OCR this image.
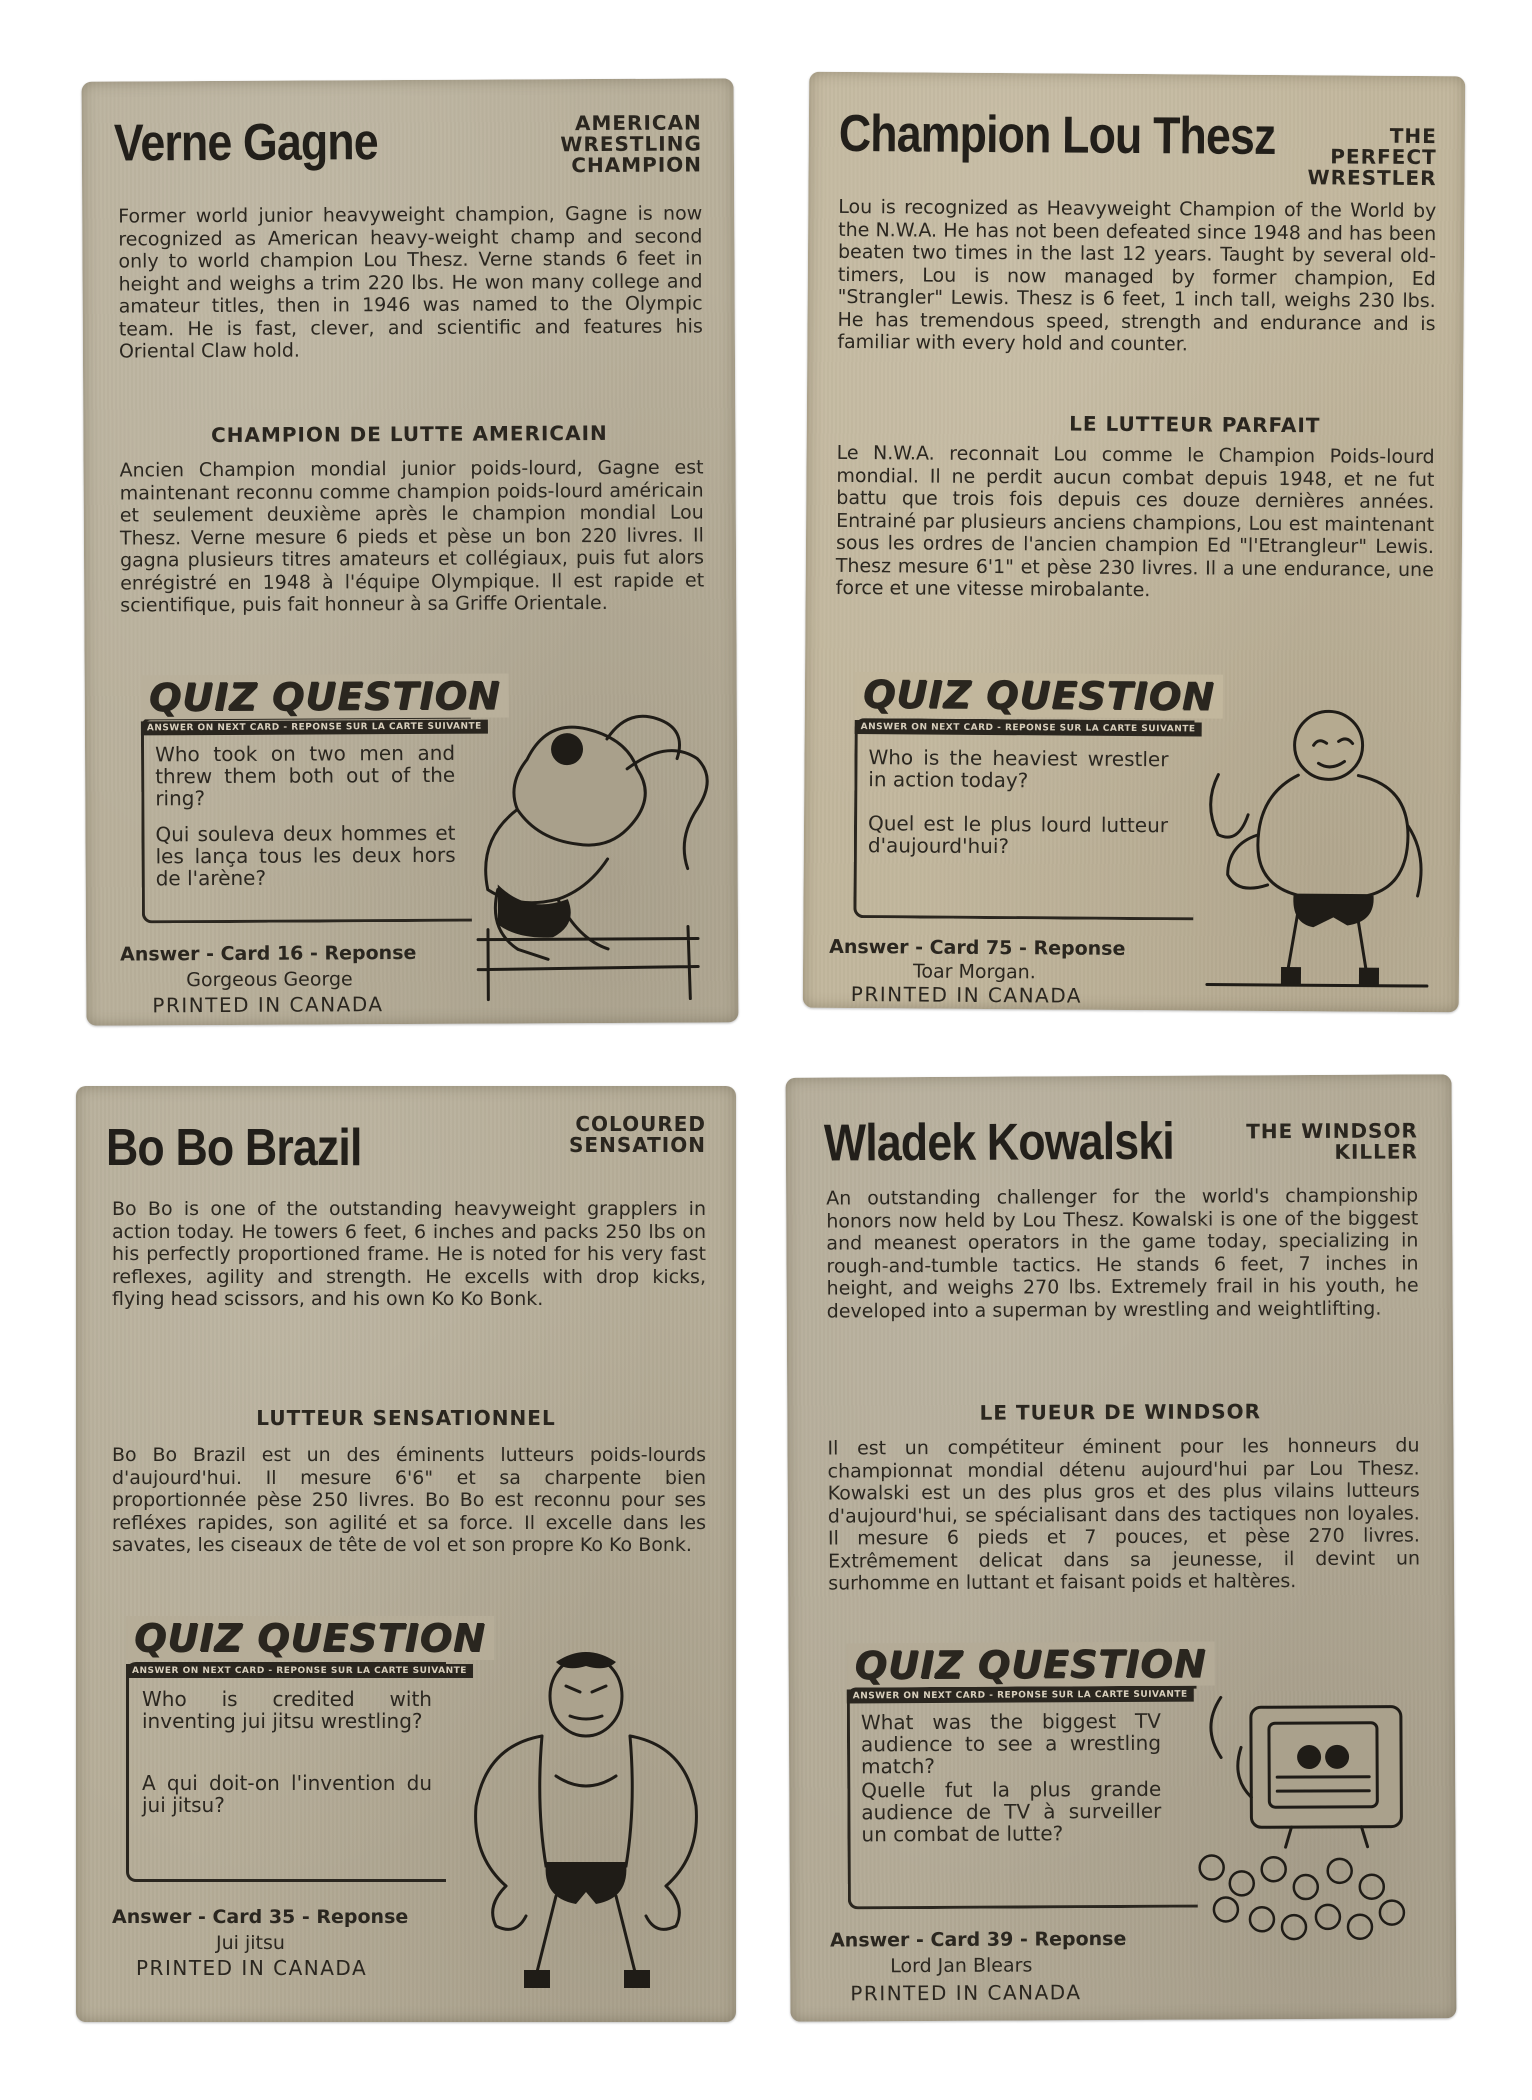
Verne Gagne	AMERICAN WRESTLING CHAMPION
Former world junior heavyweight champion, Gagne is now recognized as American heavy-weight champ and second only to world champion Lou Thesz. Verne stands 6 feet in height and weighs a trim 220 lbs. He won many college and amateur titles, then in 1946 was named to the Olympic team. He is fast, clever, and scientific and features his Oriental Claw hold.
CHAMPION DE LUTTE AMERICAIN
Ancien Champion mondial junior poids-lourd, Gagne est maintenant reconnu comme champion poids-lourd américain et seulement deuxième après le champion mondial Lou Thesz. Verne mesure 6 pieds et pèse un bon 220 livres. Il gagna plusieurs titres amateurs et collégiaux, puis fut alors enrégistré en 1948 à l'équipe Olympique. Il est rapide et scientifique, puis fait honneur à sa Griffe Orientale.
QUIZ QUESTION
ANSWER ON NEXT CARD - REPONSE SUR LA CARTE SUIVANTE
Who took on two men and threw them both out of the ring?
Qui souleva deux hommes et les lança tous les deux hors de l'arène?
Answer - Card 16 - Reponse
Gorgeous George
PRINTED IN CANADA
Champion Lou Thesz	THE PERFECT WRESTLER
Lou is recognized as Heavyweight Champion of the World by the N.W.A. He has not been defeated since 1948 and has been beaten two times in the last 12 years. Taught by several old-timers, Lou is now managed by former champion, Ed "Strangler" Lewis. Thesz is 6 feet, 1 inch tall, weighs 230 lbs. He has tremendous speed, strength and endurance and is familiar with every hold and counter.
LE LUTTEUR PARFAIT
Le N.W.A. reconnait Lou comme le Champion Poids-lourd mondial. Il ne perdit aucun combat depuis 1948, et ne fut battu que trois fois depuis ces douze dernières années. Entrainé par plusieurs anciens champions, Lou est maintenant sous les ordres de l'ancien champion Ed "l'Etrangleur" Lewis. Thesz mesure 6'1" et pèse 230 livres. Il a une endurance, une force et une vitesse mirobalante.
QUIZ QUESTION
ANSWER ON NEXT CARD - REPONSE SUR LA CARTE SUIVANTE
Who is the heaviest wrestler in action today?
Quel est le plus lourd lutteur d'aujourd'hui?
Answer - Card 75 - Reponse
Toar Morgan.
PRINTED IN CANADA
Bo Bo Brazil	COLOURED SENSATION
Bo Bo is one of the outstanding heavyweight grapplers in action today. He towers 6 feet, 6 inches and packs 250 lbs on his perfectly proportioned frame. He is noted for his very fast reflexes, agility and strength. He excells with drop kicks, flying head scissors, and his own Ko Ko Bonk.
LUTTEUR SENSATIONNEL
Bo Bo Brazil est un des éminents lutteurs poids-lourds d'aujourd'hui. Il mesure 6'6" et sa charpente bien proportionnée pèse 250 livres. Bo Bo est reconnu pour ses refléxes rapides, son agilité et sa force. Il excelle dans les savates, les ciseaux de tête de vol et son propre Ko Ko Bonk.
QUIZ QUESTION
ANSWER ON NEXT CARD - REPONSE SUR LA CARTE SUIVANTE
Who is credited with inventing jui jitsu wrestling?
A qui doit-on l'invention du jui jitsu?
Answer - Card 35 - Reponse
Jui jitsu
PRINTED IN CANADA
Wladek Kowalski	THE WINDSOR KILLER
An outstanding challenger for the world's championship honors now held by Lou Thesz. Kowalski is one of the biggest and meanest operators in the game today, specializing in rough-and-tumble tactics. He stands 6 feet, 7 inches in height, and weighs 270 lbs. Extremely frail in his youth, he developed into a superman by wrestling and weightlifting.
LE TUEUR DE WINDSOR
Il est un compétiteur éminent pour les honneurs du championnat mondial détenu aujourd'hui par Lou Thesz. Kowalski est un des plus gros et des plus vilains lutteurs d'aujourd'hui, se spécialisant dans des tactiques non loyales. Il mesure 6 pieds et 7 pouces, et pèse 270 livres. Extrêmement delicat dans sa jeunesse, il devint un surhomme en luttant et faisant poids et haltères.
QUIZ QUESTION
ANSWER ON NEXT CARD - REPONSE SUR LA CARTE SUIVANTE
What was the biggest TV audience to see a wrestling match?
Quelle fut la plus grande audience de TV à surveiller un combat de lutte?
Answer - Card 39 - Reponse
Lord Jan Blears
PRINTED IN CANADA
